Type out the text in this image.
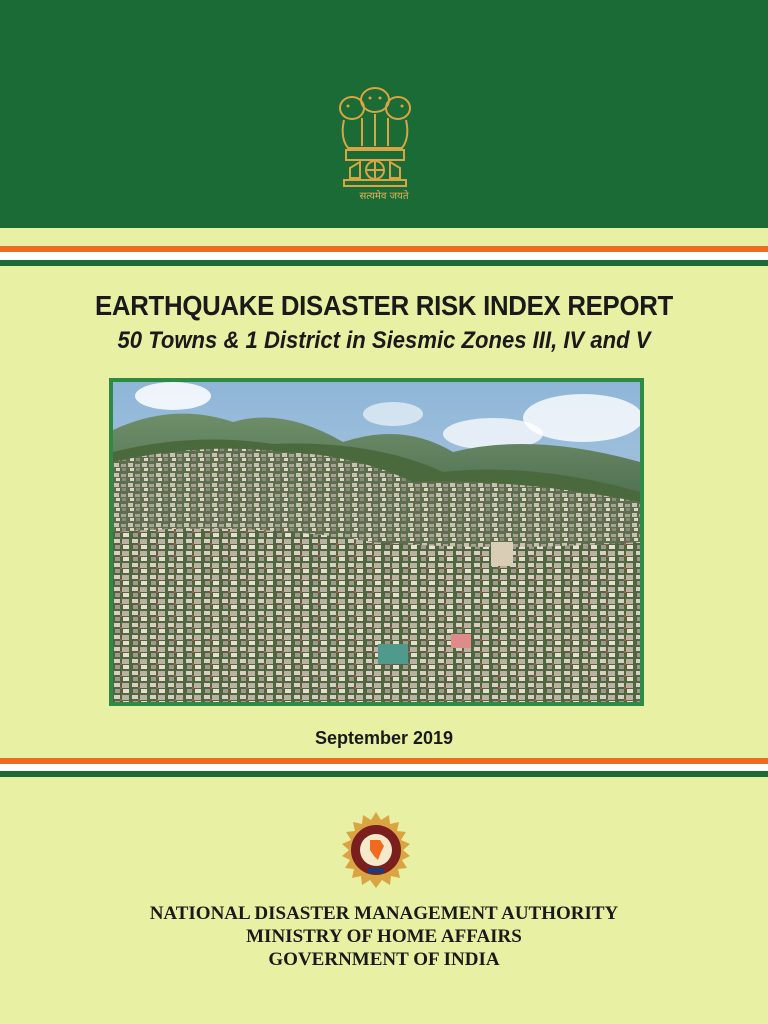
सत्यमेव जयते
EARTHQUAKE DISASTER RISK INDEX REPORT
50 Towns & 1 District in Siesmic Zones III, IV and V
September 2019
NATIONAL DISASTER MANAGEMENT AUTHORITY
MINISTRY OF HOME AFFAIRS
GOVERNMENT OF INDIA
